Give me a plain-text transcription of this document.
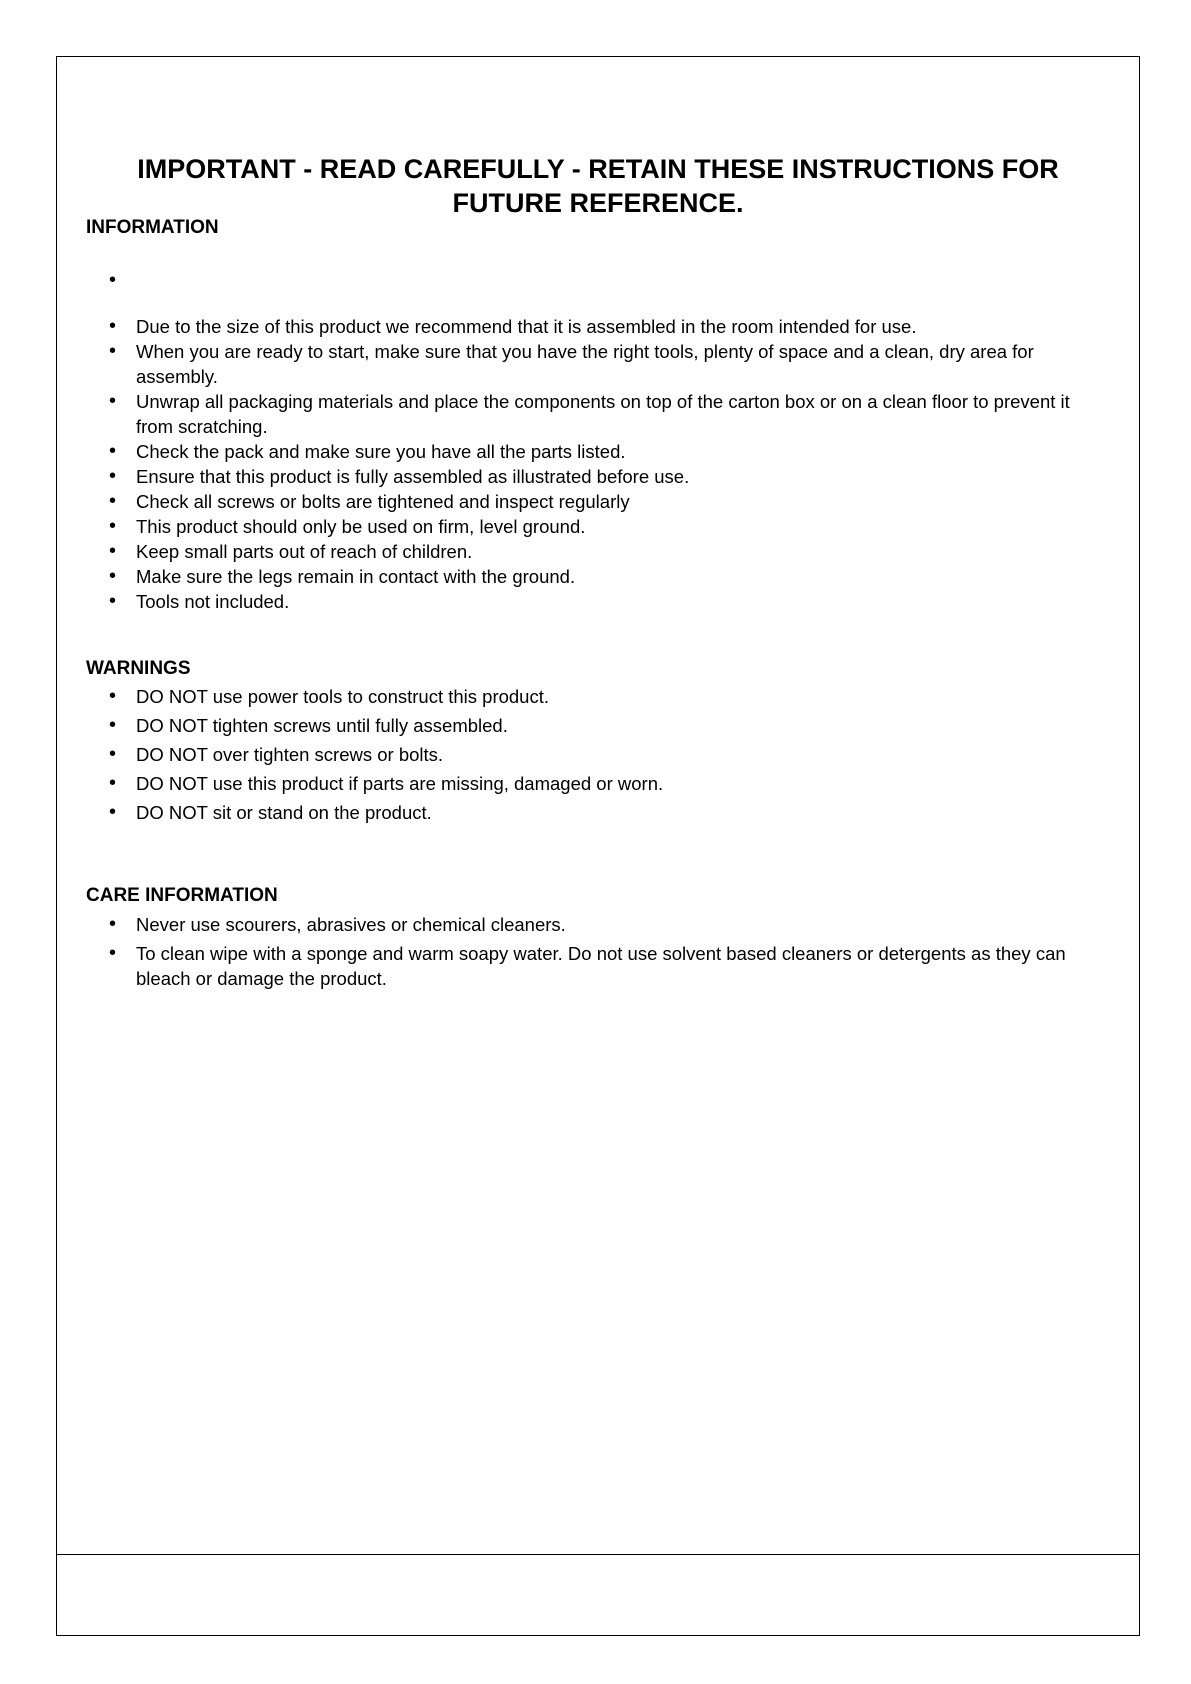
IMPORTANT - READ CAREFULLY - RETAIN THESE INSTRUCTIONS FOR FUTURE REFERENCE.
INFORMATION
•
• Due to the size of this product we recommend that it is assembled in the room intended for use.
• When you are ready to start, make sure that you have the right tools, plenty of space and a clean, dry area for assembly.
• Unwrap all packaging materials and place the components on top of the carton box or on a clean floor to prevent it from scratching.
• Check the pack and make sure you have all the parts listed.
• Ensure that this product is fully assembled as illustrated before use.
• Check all screws or bolts are tightened and inspect regularly
• This product should only be used on firm, level ground.
• Keep small parts out of reach of children.
• Make sure the legs remain in contact with the ground.
• Tools not included.
WARNINGS
• DO NOT use power tools to construct this product.
• DO NOT tighten screws until fully assembled.
• DO NOT over tighten screws or bolts.
• DO NOT use this product if parts are missing, damaged or worn.
• DO NOT sit or stand on the product.
CARE INFORMATION
• Never use scourers, abrasives or chemical cleaners.
• To clean wipe with a sponge and warm soapy water. Do not use solvent based cleaners or detergents as they can bleach or damage the product.
